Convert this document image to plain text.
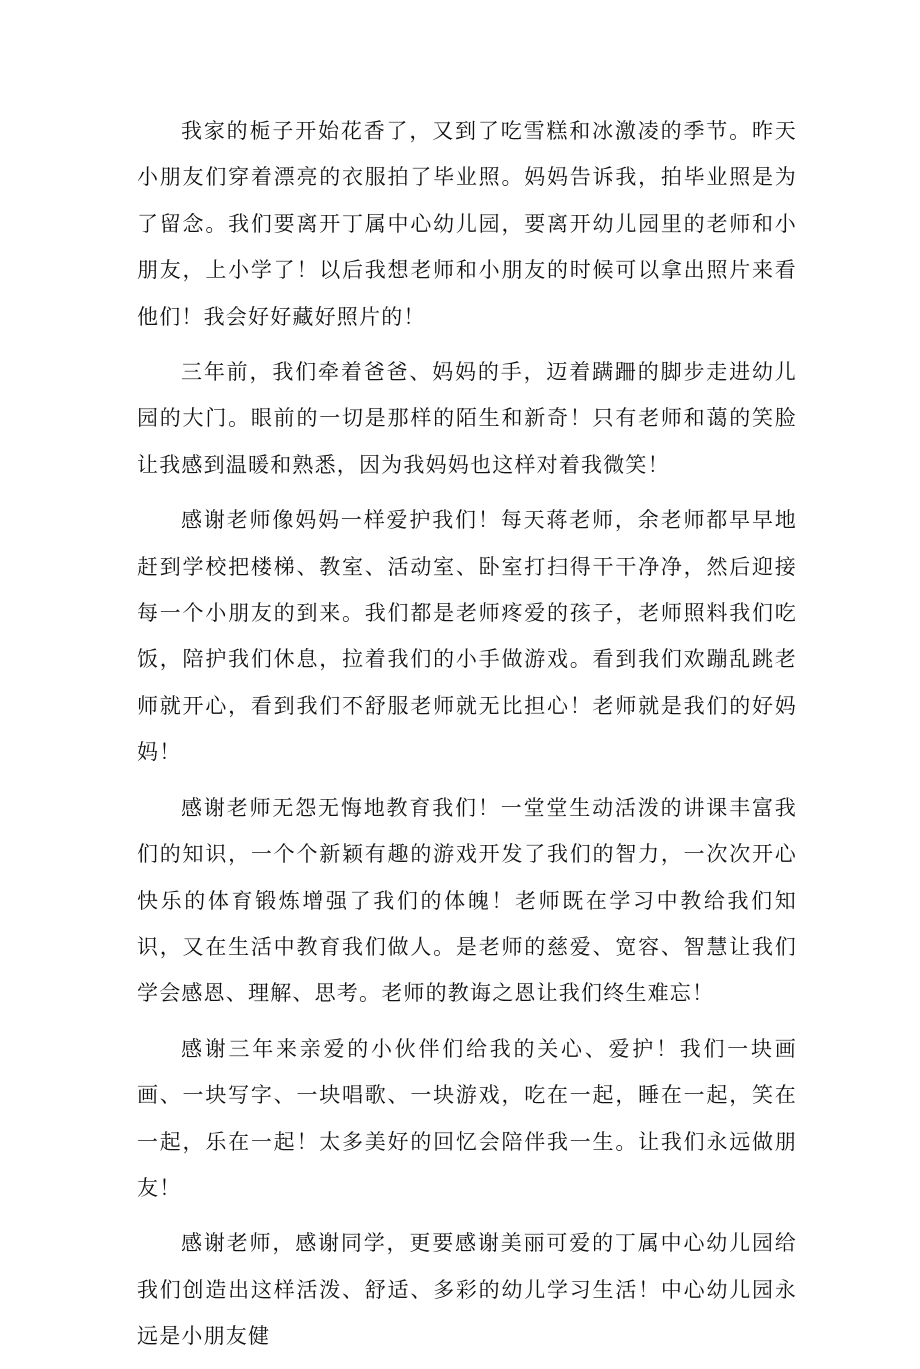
我家的栀子开始花香了，又到了吃雪糕和冰激凌的季节。昨天小朋友们穿着漂亮的衣服拍了毕业照。妈妈告诉我，拍毕业照是为了留念。我们要离开丁属中心幼儿园，要离开幼儿园里的老师和小朋友，上小学了！以后我想老师和小朋友的时候可以拿出照片来看他们！我会好好藏好照片的！

三年前，我们牵着爸爸、妈妈的手，迈着蹒跚的脚步走进幼儿园的大门。眼前的一切是那样的陌生和新奇！只有老师和蔼的笑脸让我感到温暖和熟悉，因为我妈妈也这样对着我微笑！

感谢老师像妈妈一样爱护我们！每天蒋老师，余老师都早早地赶到学校把楼梯、教室、活动室、卧室打扫得干干净净，然后迎接每一个小朋友的到来。我们都是老师疼爱的孩子，老师照料我们吃饭，陪护我们休息，拉着我们的小手做游戏。看到我们欢蹦乱跳老师就开心，看到我们不舒服老师就无比担心！老师就是我们的好妈妈！

感谢老师无怨无悔地教育我们！一堂堂生动活泼的讲课丰富我们的知识，一个个新颖有趣的游戏开发了我们的智力，一次次开心快乐的体育锻炼增强了我们的体魄！老师既在学习中教给我们知识，又在生活中教育我们做人。是老师的慈爱、宽容、智慧让我们学会感恩、理解、思考。老师的教诲之恩让我们终生难忘！

感谢三年来亲爱的小伙伴们给我的关心、爱护！我们一块画画、一块写字、一块唱歌、一块游戏，吃在一起，睡在一起，笑在一起，乐在一起！太多美好的回忆会陪伴我一生。让我们永远做朋友！

感谢老师，感谢同学，更要感谢美丽可爱的丁属中心幼儿园给我们创造出这样活泼、舒适、多彩的幼儿学习生活！中心幼儿园永远是小朋友健
